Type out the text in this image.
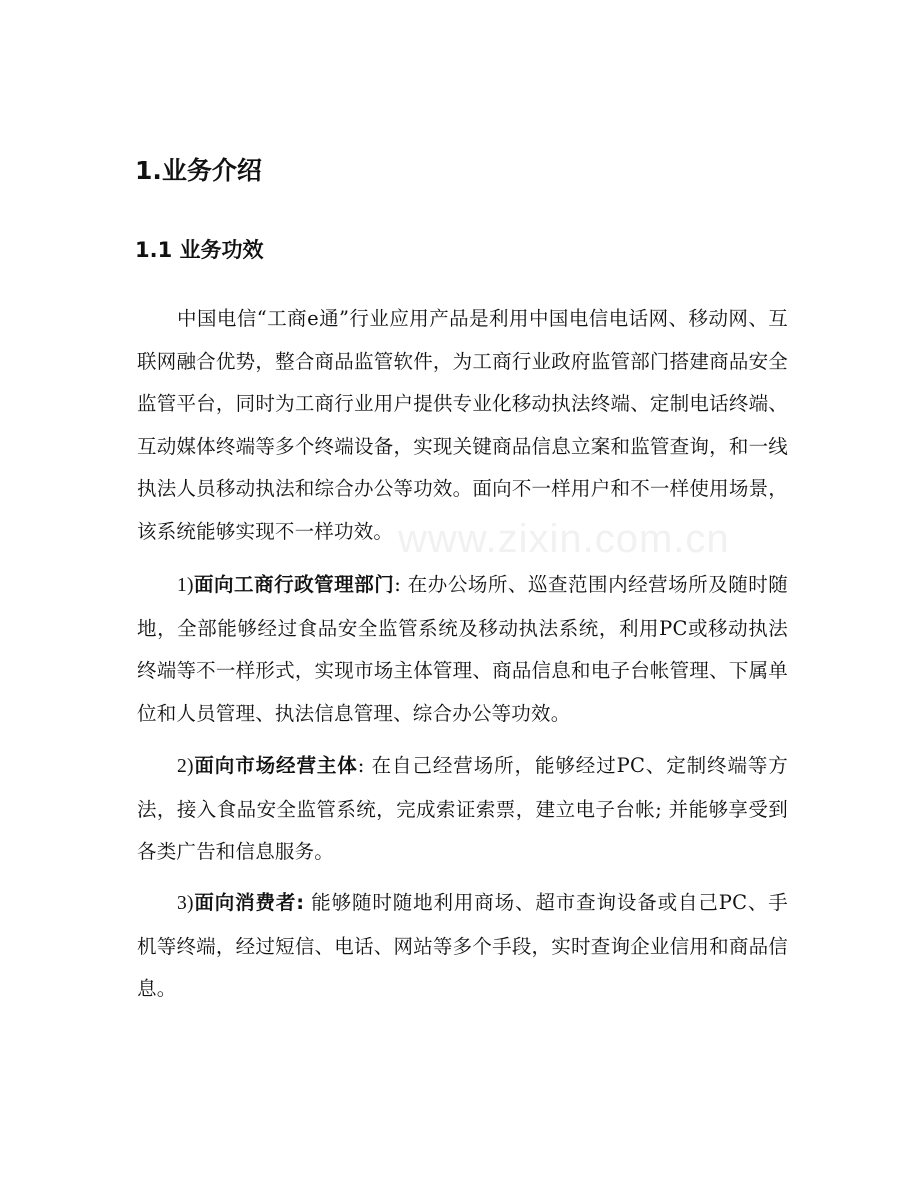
www.zixin.com.cn
1.业务介绍
1.1 业务功效

中国电信“工商e通”行业应用产品是利用中国电信电话网、移动网、互联网融合优势，整合商品监管软件，为工商行业政府监管部门搭建商品安全监管平台，同时为工商行业用户提供专业化移动执法终端、定制电话终端、互动媒体终端等多个终端设备，实现关键商品信息立案和监管查询，和一线执法人员移动执法和综合办公等功效。面向不一样用户和不一样使用场景，该系统能够实现不一样功效。

1)面向工商行政管理部门: 在办公场所、巡查范围内经营场所及随时随地，全部能够经过食品安全监管系统及移动执法系统，利用PC或移动执法终端等不一样形式，实现市场主体管理、商品信息和电子台帐管理、下属单位和人员管理、执法信息管理、综合办公等功效。

2)面向市场经营主体: 在自己经营场所，能够经过PC、定制终端等方法，接入食品安全监管系统，完成索证索票，建立电子台帐; 并能够享受到各类广告和信息服务。

3)面向消费者: 能够随时随地利用商场、超市查询设备或自己PC、手机等终端，经过短信、电话、网站等多个手段，实时查询企业信用和商品信息。
